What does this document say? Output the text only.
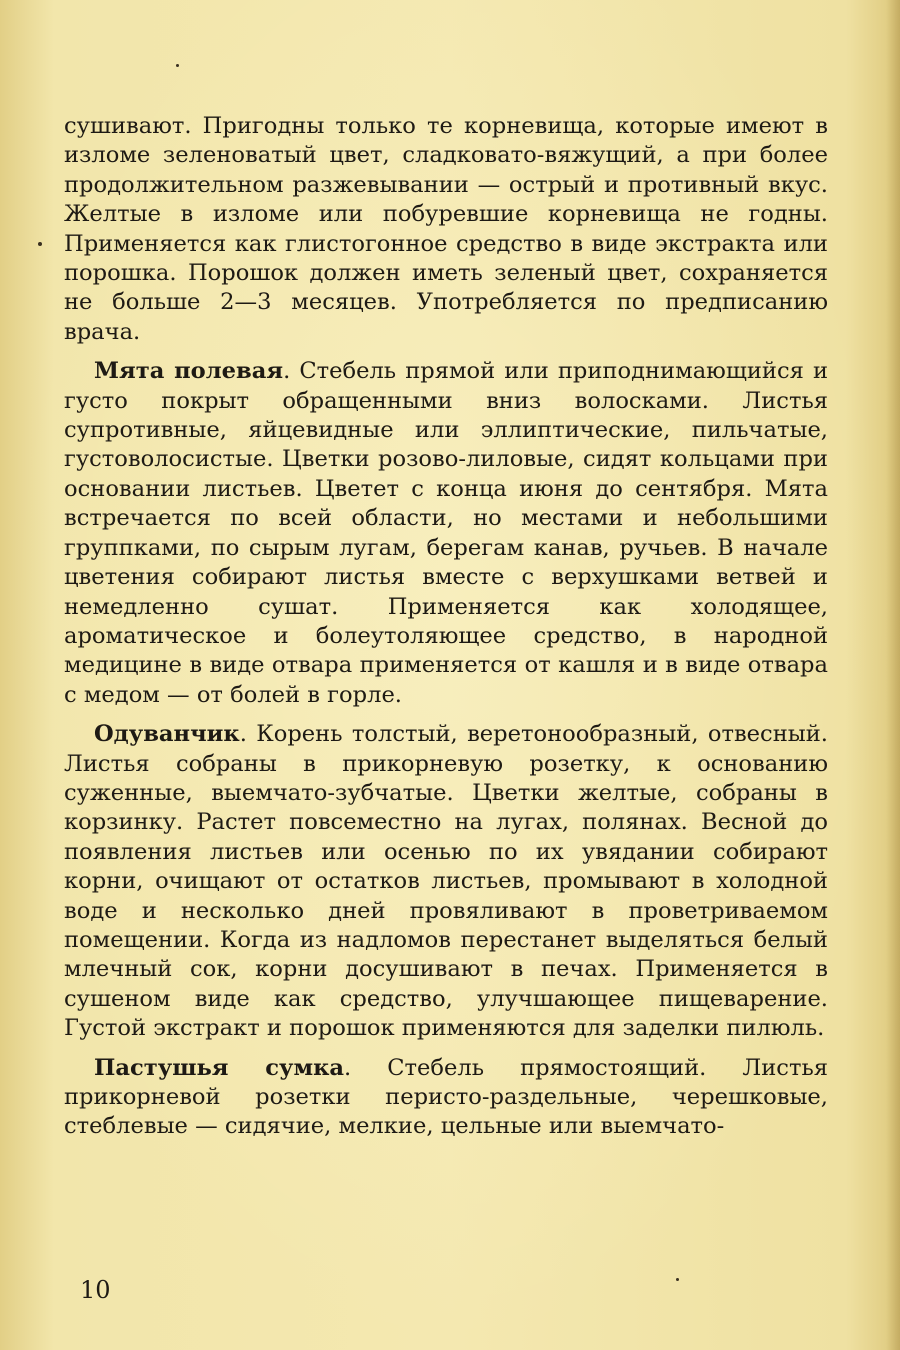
сушивают. Пригодны только те корневища, которые имеют в изломе зеленоватый цвет, сладковато-вяжущий, а при более продолжительном разжевывании — острый и противный вкус. Желтые в изломе или побуревшие корневища не годны. Применяется как глистогонное средство в виде экстракта или порошка. Порошок должен иметь зеленый цвет, сохраняется не больше 2—3 месяцев. Употребляется по предписанию врача.

Мята полевая. Стебель прямой или приподнимающийся и густо покрыт обращенными вниз волосками. Листья супротивные, яйцевидные или эллиптические, пильчатые, густоволосистые. Цветки розово-лиловые, сидят кольцами при основании листьев. Цветет с конца июня до сентября. Мята встречается по всей области, но местами и небольшими группками, по сырым лугам, берегам канав, ручьев. В начале цветения собирают листья вместе с верхушками ветвей и немедленно сушат. Применяется как холодящее, ароматическое и болеутоляющее средство, в народной медицине в виде отвара применяется от кашля и в виде отвара с медом — от болей в горле.

Одуванчик. Корень толстый, веретонообразный, отвесный. Листья собраны в прикорневую розетку, к основанию суженные, выемчато-зубчатые. Цветки желтые, собраны в корзинку. Растет повсеместно на лугах, полянах. Весной до появления листьев или осенью по их увядании собирают корни, очищают от остатков листьев, промывают в холодной воде и несколько дней провяливают в проветриваемом помещении. Когда из надломов перестанет выделяться белый млечный сок, корни досушивают в печах. Применяется в сушеном виде как средство, улучшающее пищеварение. Густой экстракт и порошок применяются для заделки пилюль.

Пастушья сумка. Стебель прямостоящий. Листья прикорневой розетки перисто-раздельные, черешковые, стеблевые — сидячие, мелкие, цельные или выемчато-

10
